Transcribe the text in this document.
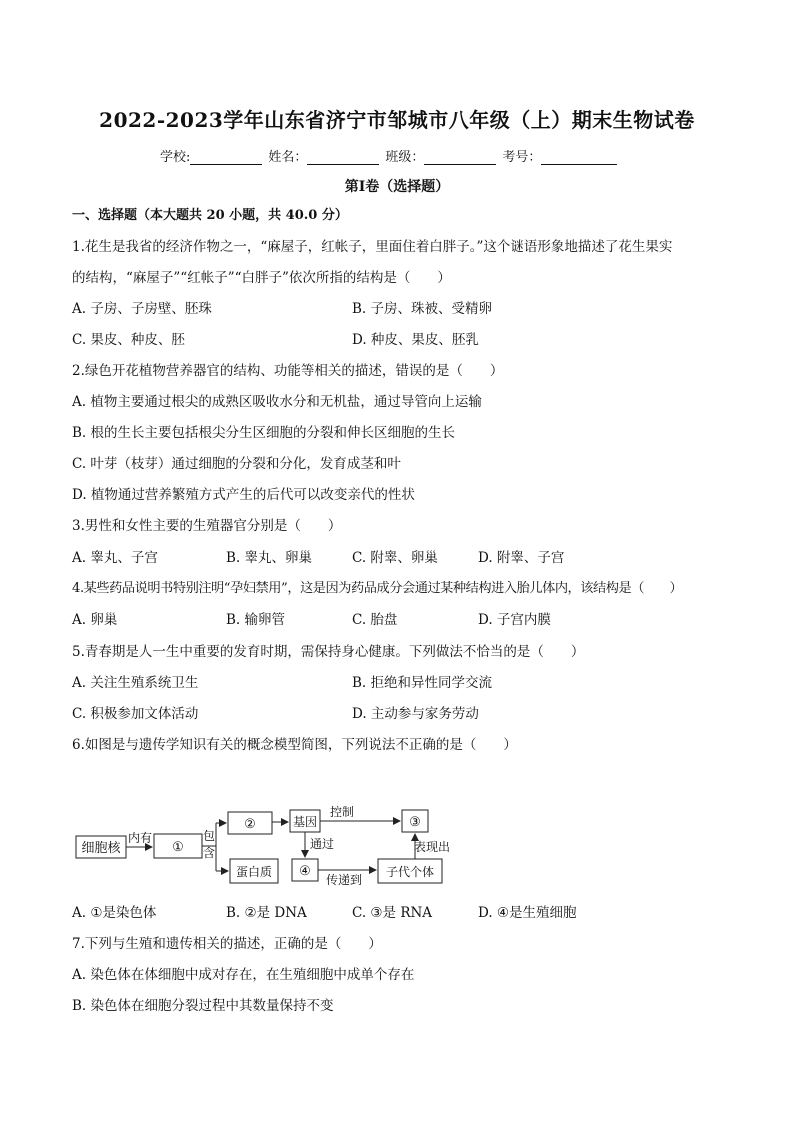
2022-2023学年山东省济宁市邹城市八年级（上）期末生物试卷
学校:	姓名：	班级：	考号：
第I卷（选择题）
一、选择题（本大题共 20 小题，共 40.0 分）
1.花生是我省的经济作物之一，“麻屋子，红帐子，里面住着白胖子。”这个谜语形象地描述了花生果实
的结构，“麻屋子”“红帐子”“白胖子”依次所指的结构是（　　）
A. 子房、子房壁、胚珠	B. 子房、珠被、受精卵
C. 果皮、种皮、胚	D. 种皮、果皮、胚乳
2.绿色开花植物营养器官的结构、功能等相关的描述，错误的是（　　）
A. 植物主要通过根尖的成熟区吸收水分和无机盐，通过导管向上运输
B. 根的生长主要包括根尖分生区细胞的分裂和伸长区细胞的生长
C. 叶芽（枝芽）通过细胞的分裂和分化，发育成茎和叶
D. 植物通过营养繁殖方式产生的后代可以改变亲代的性状
3.男性和女性主要的生殖器官分别是（　　）
A. 睾丸、子宫	B. 睾丸、卵巢	C. 附睾、卵巢	D. 附睾、子宫
4.某些药品说明书特别注明“孕妇禁用”，这是因为药品成分会通过某种结构进入胎儿体内，该结构是（　　）
A. 卵巢	B. 输卵管	C. 胎盘	D. 子宫内膜
5.青春期是人一生中重要的发育时期，需保持身心健康。下列做法不恰当的是（　　）
A. 关注生殖系统卫生	B. 拒绝和异性同学交流
C. 积极参加文体活动	D. 主动参与家务劳动
6.如图是与遗传学知识有关的概念模型简图，下列说法不正确的是（　　）
细胞核
内有
①
包
含
②	基因
控制
③
蛋白质
通过
④
传递到
子代个体
表现出
A. ①是染色体	B. ②是 DNA	C. ③是 RNA	D. ④是生殖细胞
7.下列与生殖和遗传相关的描述，正确的是（　　）
A. 染色体在体细胞中成对存在，在生殖细胞中成单个存在
B. 染色体在细胞分裂过程中其数量保持不变
